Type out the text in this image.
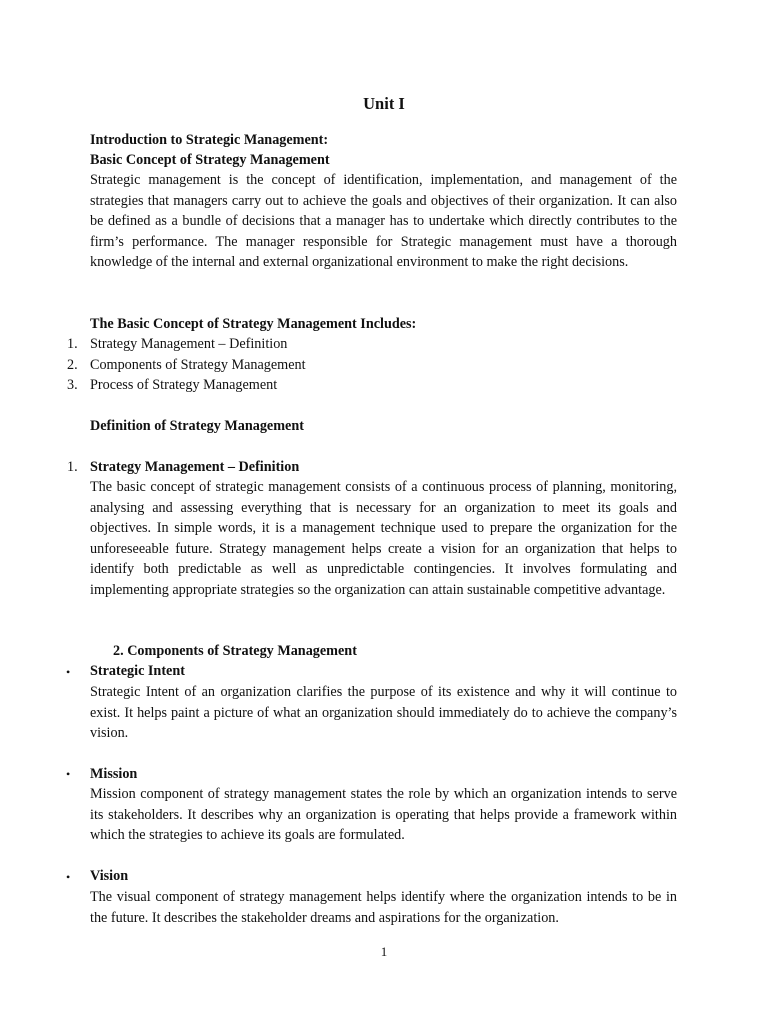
Unit I
Introduction to Strategic Management:
Basic Concept of Strategy Management

Strategic management is the concept of identification, implementation, and management of the strategies that managers carry out to achieve the goals and objectives of their organization. It can also be defined as a bundle of decisions that a manager has to undertake which directly contributes to the firm’s performance. The manager responsible for Strategic management must have a thorough knowledge of the internal and external organizational environment to make the right decisions.

The Basic Concept of Strategy Management Includes:
1. Strategy Management – Definition
2. Components of Strategy Management
3. Process of Strategy Management
Definition of Strategy Management
1. Strategy Management – Definition

The basic concept of strategic management consists of a continuous process of planning, monitoring, analysing and assessing everything that is necessary for an organization to meet its goals and objectives. In simple words, it is a management technique used to prepare the organization for the unforeseeable future. Strategy management helps create a vision for an organization that helps to identify both predictable as well as unpredictable contingencies. It involves formulating and implementing appropriate strategies so the organization can attain sustainable competitive advantage.

2. Components of Strategy Management
• Strategic Intent

Strategic Intent of an organization clarifies the purpose of its existence and why it will continue to exist. It helps paint a picture of what an organization should immediately do to achieve the company’s vision.

• Mission

Mission component of strategy management states the role by which an organization intends to serve its stakeholders. It describes why an organization is operating that helps provide a framework within which the strategies to achieve its goals are formulated.

• Vision

The visual component of strategy management helps identify where the organization intends to be in the future. It describes the stakeholder dreams and aspirations for the organization.

1
